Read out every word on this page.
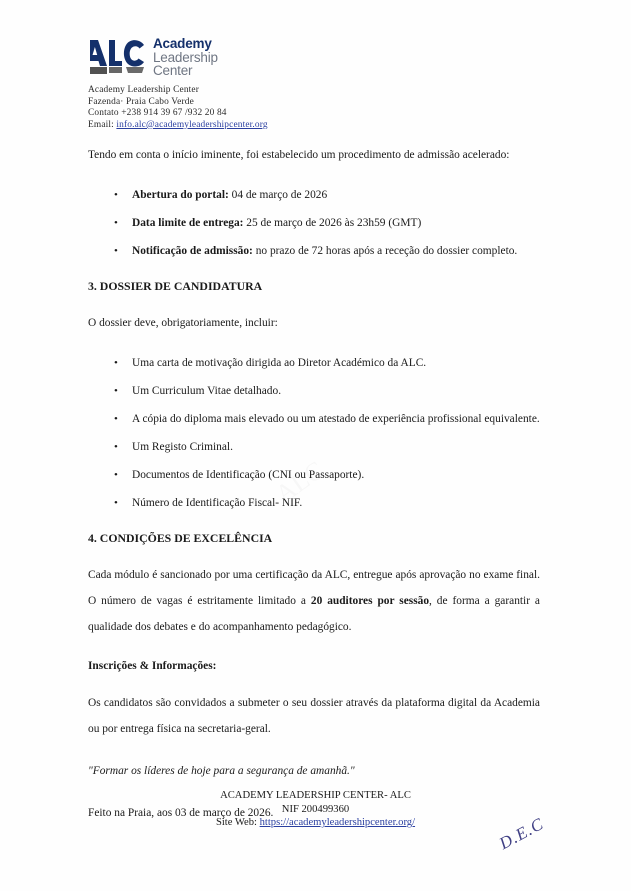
Academy
Leadership
Center
Academy Leadership Center
Fazenda· Praia Cabo Verde
Contato +238 914 39 67 /932 20 84
Email: info.alc@academyleadershipcenter.org

Tendo em conta o início iminente, foi estabelecido um procedimento de admissão acelerado:

• Abertura do portal: 04 de março de 2026
• Data limite de entrega: 25 de março de 2026 às 23h59 (GMT)
• Notificação de admissão: no prazo de 72 horas após a receção do dossier completo.

3. DOSSIER DE CANDIDATURA

O dossier deve, obrigatoriamente, incluir:

• Uma carta de motivação dirigida ao Diretor Académico da ALC.
• Um Curriculum Vitae detalhado.
• A cópia do diploma mais elevado ou um atestado de experiência profissional equivalente.
• Um Registo Criminal.
• Documentos de Identificação (CNI ou Passaporte).
• Número de Identificação Fiscal- NIF.

4. CONDIÇÕES DE EXCELÊNCIA

Cada módulo é sancionado por uma certificação da ALC, entregue após aprovação no exame final. O número de vagas é estritamente limitado a 20 auditores por sessão, de forma a garantir a qualidade dos debates e do acompanhamento pedagógico.

Inscrições & Informações:

Os candidatos são convidados a submeter o seu dossier através da plataforma digital da Academia ou por entrega física na secretaria-geral.

"Formar os líderes de hoje para a segurança de amanhã."

Feito na Praia, aos 03 de março de 2026.

ACADEMY LEADERSHIP CENTER- ALC
NIF 200499360
Site Web: https://academyleadershipcenter.org/	D.E.C
